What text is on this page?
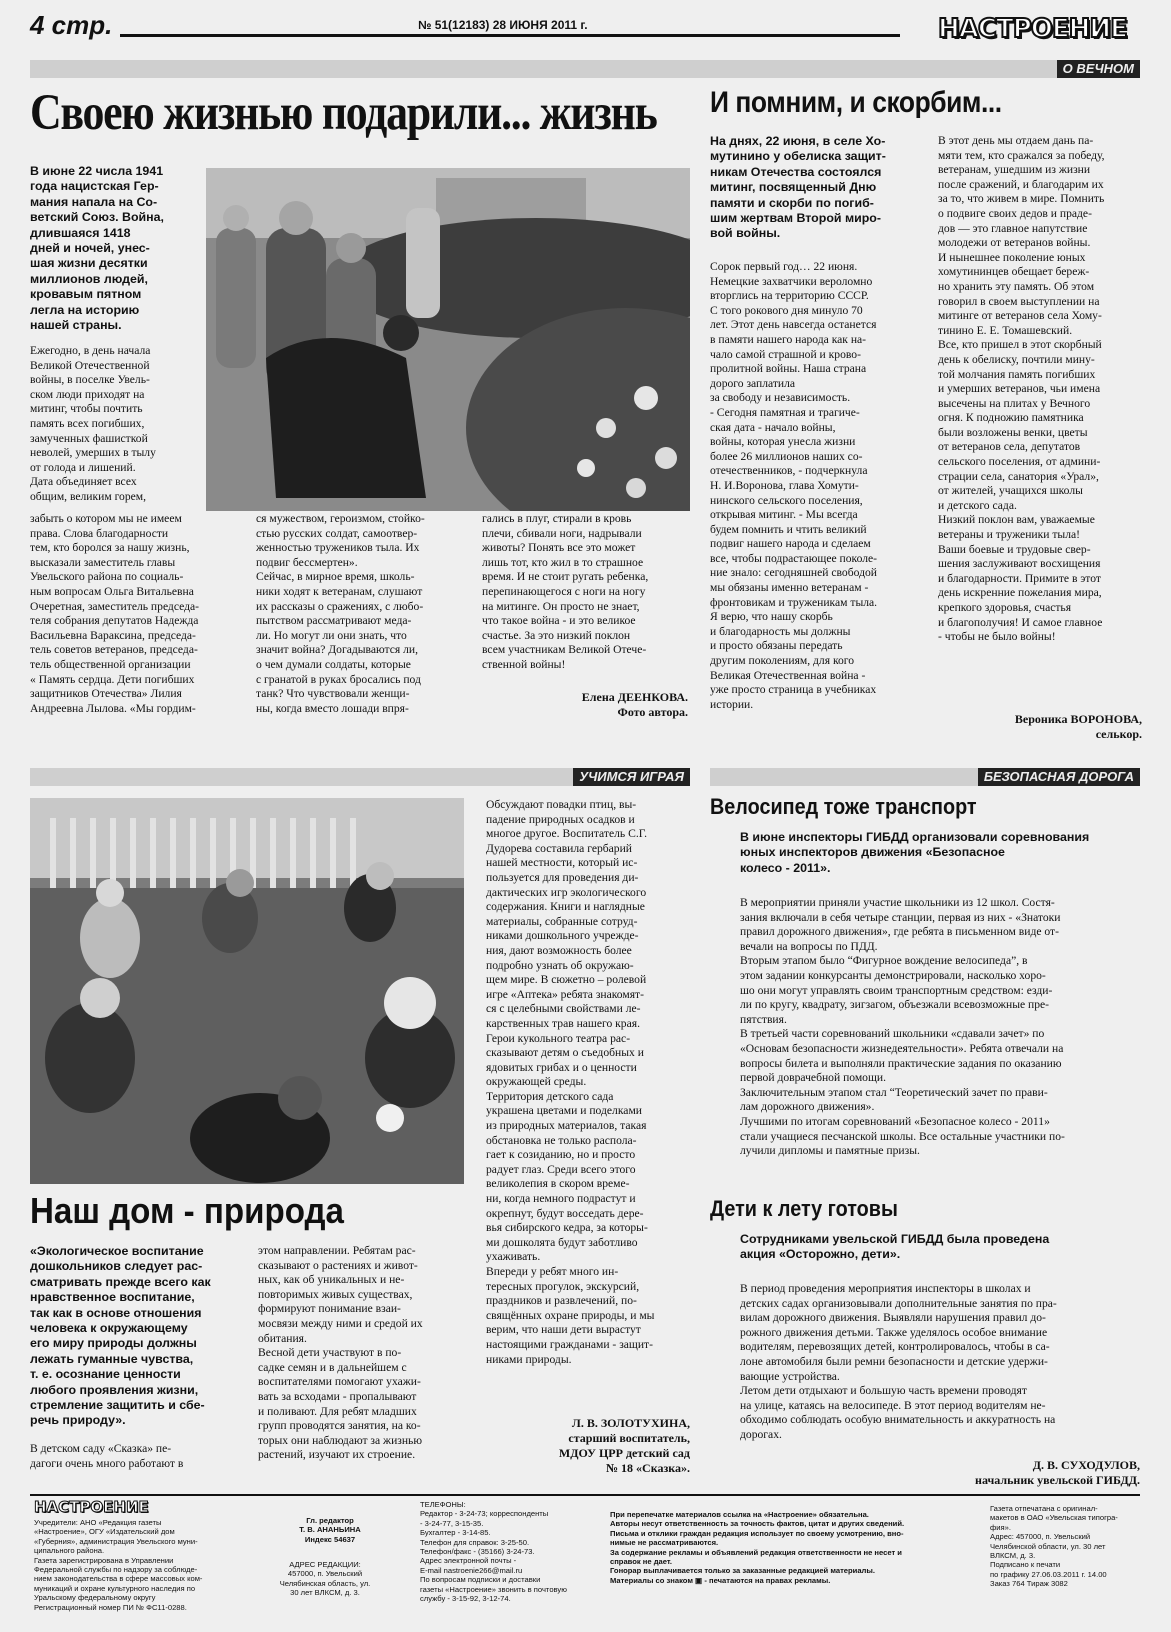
4 стр.	№ 51(12183) 28 ИЮНЯ 2011 г.	НАСТРОЕНИЕ
О ВЕЧНОМ
Своею жизнью подарили... жизнь
В июне 22 числа 1941
года нацистская Гер-
мания напала на Со-
ветский Союз. Война,
длившаяся 1418
дней и ночей, унес-
шая жизни десятки
миллионов людей,
кровавым пятном
легла на историю
нашей страны.
Ежегодно, в день начала
Великой Отечественной
войны, в поселке Увель-
ском люди приходят на
митинг, чтобы почтить
память всех погибших,
замученных фашисткой
неволей, умерших в тылу
от голода и лишений.
Дата объединяет всех
общим, великим горем,
забыть о котором мы не имеем
права. Слова благодарности
тем, кто боролся за нашу жизнь,
высказали заместитель главы
Увельского района по социаль-
ным вопросам Ольга Витальевна
Очеретная, заместитель председа-
теля собрания депутатов Надежда
Васильевна Варaксина, председа-
тель советов ветеранов, председа-
тель общественной организации
« Память сердца. Дети погибших
защитников Отечества» Лилия
Андреевна Лылова. «Мы гордим-
ся мужеством, героизмом, стойко-
стью русских солдат, самоотвер-
женностью тружеников тыла. Их
подвиг бессмертен».
Сейчас, в мирное время, школь-
ники ходят к ветеранам, слушают
их рассказы о сражениях, с любо-
пытством рассматривают меда-
ли. Но могут ли они знать, что
значит война? Догадываются ли,
о чем думали солдаты, которые
с гранатой в руках бросались под
танк? Что чувствовали женщи-
ны, когда вместо лошади впря-
гались в плуг, стирали в кровь
плечи, сбивали ноги, надрывали
животы? Понять все это может
лишь тот, кто жил в то страшное
время. И не стоит ругать ребенка,
перепинающегося с ноги на ногу
на митинге. Он просто не знает,
что такое война - и это великое
счастье. За это низкий поклон
всем участникам Великой Отече-
ственной войны!
Елена ДЕЕНКОВА.
Фото автора.
И помним, и скорбим...
На днях, 22 июня, в селе Хо-
мутинино у обелиска защит-
никам Отечества состоялся
митинг, посвященный Дню
памяти и скорби по погиб-
шим жертвам Второй миро-
вой войны.
Сорок первый год… 22 июня.
Немецкие захватчики вероломно
вторглись на территорию СССР.
С того рокового дня минуло 70
лет. Этот день навсегда останется
в памяти нашего народа как на-
чало самой страшной и крово-
пролитной войны. Наша страна
дорого заплатила
за свободу и независимость.
- Сегодня памятная и трагиче-
ская дата - начало войны,
войны, которая унесла жизни
более 26 миллионов наших со-
отечественников, - подчеркнула
Н. И.Воронова, глава Хомути-
нинского сельского поселения,
открывая митинг. - Мы всегда
будем помнить и чтить великий
подвиг нашего народа и сделаем
все, чтобы подрастающее поколе-
ние знало: сегодняшней свободой
мы обязаны именно ветеранам -
фронтовикам и труженикам тыла.
Я верю, что нашу скорбь
и благодарность мы должны
и просто обязаны передать
другим поколениям, для кого
Великая Отечественная война -
уже просто страница в учебниках
истории.
В этот день мы отдаем дань па-
мяти тем, кто сражался за победу,
ветеранам, ушедшим из жизни
после сражений, и благодарим их
за то, что живем в мире. Помнить
о подвиге своих дедов и праде-
дов — это главное напутствие
молодежи от ветеранов войны.
И нынешнее поколение юных
хомутининцев обещает береж-
но хранить эту память. Об этом
говорил в своем выступлении на
митинге от ветеранов села Хому-
тинино Е. Е. Томашевский.
Все, кто пришел в этот скорбный
день к обелиску, почтили мину-
той молчания память погибших
и умерших ветеранов, чьи имена
высечены на плитах у Вечного
огня. К подножию памятника
были возложены венки, цветы
от ветеранов села, депутатов
сельского поселения, от админи-
страции села, санатория «Урал»,
от жителей, учащихся школы
и детского сада.
Низкий поклон вам, уважаемые
ветераны и труженики тыла!
Ваши боевые и трудовые свер-
шения заслуживают восхищения
и благодарности. Примите в этот
день искренние пожелания мира,
крепкого здоровья, счастья
и благополучия! И самое главное
- чтобы не было войны!
Вероника ВОРОНОВА,
селькор.
УЧИМСЯ ИГРАЯ
Наш дом - природа
«Экологическое воспитание
дошкольников следует рас-
сматривать прежде всего как
нравственное воспитание,
так как в основе отношения
человека к окружающему
его миру природы должны
лежать гуманные чувства,
т. е. осознание ценности
любого проявления жизни,
стремление защитить и сбе-
речь природу».
В детском саду «Сказка» пе-
дагоги очень много работают в
этом направлении. Ребятам рас-
сказывают о растениях и живот-
ных, как об уникальных и не-
повторимых живых существах,
формируют понимание взаи-
мосвязи между ними и средой их
обитания.
Весной дети участвуют в по-
садке семян и в дальнейшем с
воспитателями помогают ухажи-
вать за всходами - пропалывают
и поливают. Для ребят младших
групп проводятся занятия, на ко-
торых они наблюдают за жизнью
растений, изучают их строение.
Обсуждают повадки птиц, вы-
падение природных осадков и
многое другое. Воспитатель С.Г.
Дудорева составила гербарий
нашей местности, который ис-
пользуется для проведения ди-
дактических игр экологического
содержания. Книги и наглядные
материалы, собранные сотруд-
никами дошкольного учрежде-
ния, дают возможность более
подробно узнать об окружаю-
щем мире. В сюжетно – ролевой
игре «Аптека» ребята знакомят-
ся с целебными свойствами ле-
карственных трав нашего края.
Герои кукольного театра рас-
сказывают детям о съедобных и
ядовитых грибах и о ценности
окружающей среды.
Территория детского сада
украшена цветами и поделками
из природных материалов, такая
обстановка не только распола-
гает к созиданию, но и просто
радует глаз. Среди всего этого
великолепия в скором време-
ни, когда немного подрастут и
окрепнут, будут восседать дере-
вья сибирского кедра, за которы-
ми дошколята будут заботливо
ухаживать.
Впереди у ребят много ин-
тересных прогулок, экскурсий,
праздников и развлечений, по-
свящённых охране природы, и мы
верим, что наши дети вырастут
настоящими гражданами - защит-
никами природы.
Л. В. ЗОЛОТУХИНА,
старший воспитатель,
МДОУ ЦРР детский сад
№ 18 «Сказка».
БЕЗОПАСНАЯ ДОРОГА
Велосипед тоже транспорт
В июне инспекторы ГИБДД организовали соревнования
юных инспекторов движения «Безопасное
колесо - 2011».
В мероприятии приняли участие школьники из 12 школ. Состя-
зания включали в себя четыре станции, первая из них - «Знатоки
правил дорожного движения», где ребята в письменном виде от-
вечали на вопросы по ПДД.
Вторым этапом было “Фигурное вождение велосипеда”, в
этом задании конкурсанты демонстрировали, насколько хоро-
шо они могут управлять своим транспортным средством: езди-
ли по кругу, квадрату, зигзагом, объезжали всевозможные пре-
пятствия.
В третьей части соревнований школьники «сдавали зачет» по
«Основам безопасности жизнедеятельности». Ребята отвечали на
вопросы билета и выполняли практические задания по оказанию
первой доврачебной помощи.
Заключительным этапом стал “Теоретический зачет по прави-
лам дорожного движения».
Лучшими по итогам соревнований «Безопасное колесо - 2011»
стали учащиеся песчанской школы. Все остальные участники по-
лучили дипломы и памятные призы.
Дети к лету готовы
Сотрудниками увельской ГИБДД была проведена
акция «Осторожно, дети».
В период проведения мероприятия инспекторы в школах и
детских садах организовывали дополнительные занятия по пра-
вилам дорожного движения. Выявляли нарушения правил до-
рожного движения детьми. Также уделялось особое внимание
водителям, перевозящих детей, контролировалось, чтобы в са-
лоне автомобиля были ремни безопасности и детские удержи-
вающие устройства.
Летом дети отдыхают и большую часть времени проводят
на улице, катаясь на велосипеде. В этот период водителям не-
обходимо соблюдать особую внимательность и аккуратность на
дорогах.
Д. В. СУХОДУЛОВ,
начальник увельской ГИБДД.
НАСТРОЕНИЕ
Учредители: АНО «Редакция газеты
«Настроение», ОГУ «Издательский дом
«Губерния», администрация Увельского муни-
ципального района.
Газета зарегистрирована в Управлении
Федеральной службы по надзору за соблюде-
нием законодательства в сфере массовых ком-
муникаций и охране культурного наследия по
Уральскому федеральному округу
Регистрационный номер ПИ № ФС11-0288.
Гл. редактор
Т. В. АНАНЬИНА
Индекс 54637
АДРЕС РЕДАКЦИИ:
457000, п. Увельский
Челябинская область, ул.
30 лет ВЛКСМ, д. 3.
ТЕЛЕФОНЫ:
Редактор - 3-24-73; корреспонденты
- 3-24-77, 3-15-35.
Бухгалтер - 3-14-85.
Телефон для справок: 3-25-50.
Телефон/факс - (35166) 3-24-73.
Адрес электронной почты -
E-mail nastroenie266@mail.ru
По вопросам подписки и доставки
газеты «Настроение» звонить в почтовую
службу - 3-15-92, 3-12-74.
При перепечатке материалов ссылка на «Настроение» обязательна.
Авторы несут ответственность за точность фактов, цитат и других сведений.
Письма и отклики граждан редакция использует по своему усмотрению, вно-
нимые не рассматриваются.
За содержание рекламы и объявлений редакция ответственности не несет и
справок не дает.
Гонорар выплачивается только за заказанные редакцией материалы.
Материалы со знаком ▣ - печатаются на правах рекламы.
Газета отпечатана с оригинал-
макетов в ОАО «Увельская типогра-
фия».
Адрес: 457000, п. Увельский
Челябинской области, ул. 30 лет
ВЛКСМ, д. 3.
Подписано к печати
по графику 27.06.03.2011 г. 14.00
Заказ 764 Тираж 3082
